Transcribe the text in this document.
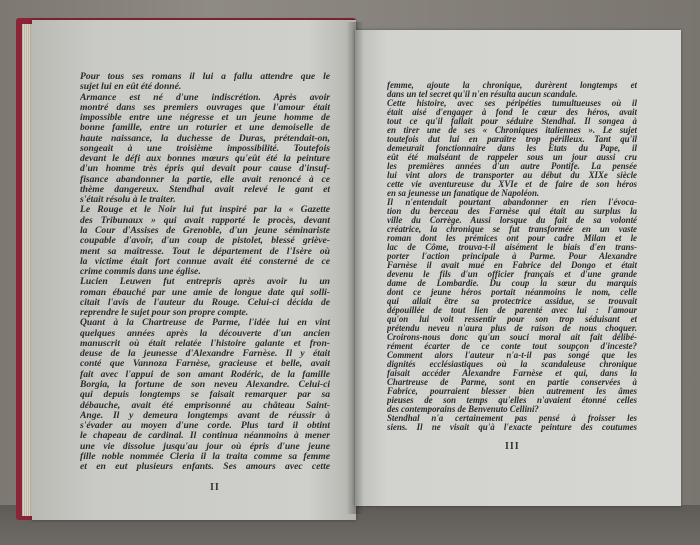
Pour tous ses romans il lui a fallu attendre que le
sujet lui en eût été donné.
Armance est né d'une indiscrétion. Après avoir
montré dans ses premiers ouvrages que l'amour était
impossible entre une négresse et un jeune homme de
bonne famille, entre un roturier et une demoiselle de
haute naissance, la duchesse de Duras, prétendait-on,
songeait à une troisième impossibilité. Toutefois
devant le défi aux bonnes mœurs qu'eût été la peinture
d'un homme très épris qui devait pour cause d'insuf-
fisance abandonner la partie, elle avait renoncé à ce
thème dangereux. Stendhal avait relevé le gant et
s'était résolu à le traiter.
Le Rouge et le Noir lui fut inspiré par la « Gazette
des Tribunaux » qui avait rapporté le procès, devant
la Cour d'Assises de Grenoble, d'un jeune séminariste
coupable d'avoir, d'un coup de pistolet, blessé griève-
ment sa maîtresse. Tout le département de l'Isère où
la victime était fort connue avait été consterné de ce
crime commis dans une église.
Lucien Leuwen fut entrepris après avoir lu un
roman ébauché par une amie de longue date qui solli-
citait l'avis de l'auteur du Rouge. Celui-ci décida de
reprendre le sujet pour son propre compte.
Quant à la Chartreuse de Parme, l'idée lui en vint
quelques années après la découverte d'un ancien
manuscrit où était relatée l'histoire galante et fron-
deuse de la jeunesse d'Alexandre Farnèse. Il y était
conté que Vannoza Farnèse, gracieuse et belle, avait
fait avec l'appui de son amant Rodéric, de la famille
Borgia, la fortune de son neveu Alexandre. Celui-ci
qui depuis longtemps se faisait remarquer par sa
débauche, avait été emprisonné au château Saint-
Ange. Il y demeura longtemps avant de réussir à
s'évader au moyen d'une corde. Plus tard il obtint
le chapeau de cardinal. Il continua néanmoins à mener
une vie dissolue jusqu'au jour où épris d'une jeune
fille noble nommée Cleria il la traita comme sa femme
et en eut plusieurs enfants. Ses amours avec cette
II
femme, ajoute la chronique, durèrent longtemps et
dans un tel secret qu'il n'en résulta aucun scandale.
Cette histoire, avec ses péripéties tumultueuses où il
était aisé d'engager à fond le cœur des héros, avait
tout ce qu'il fallait pour séduire Stendhal. Il songea à
en tirer une de ses « Chroniques italiennes ». Le sujet
toutefois dut lui en paraître trop périlleux. Tant qu'il
demeurait fonctionnaire dans les Etats du Pape, il
eût été malséant de rappeler sous un jour aussi cru
les premières années d'un autre Pontife. La pensée
lui vint alors de transporter au début du XIXe siècle
cette vie aventureuse du XVIe et de faire de son héros
en sa jeunesse un fanatique de Napoléon.
Il n'entendait pourtant abandonner en rien l'évoca-
tion du berceau des Farnèse qui était au surplus la
ville du Corrège. Aussi lorsque du fait de sa volonté
créatrice, la chronique se fut transformée en un vaste
roman dont les prémices ont pour cadre Milan et le
lac de Côme, trouva-t-il aisément le biais d'en trans-
porter l'action principale à Parme. Pour Alexandre
Farnèse il avait mué en Fabrice del Dongo et était
devenu le fils d'un officier français et d'une grande
dame de Lombardie. Du coup la sœur du marquis
dont ce jeune héros portait néanmoins le nom, celle
qui allait être sa protectrice assidue, se trouvait
dépouillée de tout lien de parenté avec lui : l'amour
qu'on lui voit ressentir pour son trop séduisant et
prétendu neveu n'aura plus de raison de nous choquer.
Croirons-nous donc qu'un souci moral ait fait délibé-
rément écarter de ce conte tout soupçon d'inceste?
Comment alors l'auteur n'a-t-il pas songé que les
dignités ecclésiastiques où la scandaleuse chronique
faisait accéder Alexandre Farnèse et qui, dans la
Chartreuse de Parme, sont en partie conservées à
Fabrice, pourraient blesser bien autrement les âmes
pieuses de son temps qu'elles n'avaient étonné celles
des contemporains de Benvenuto Cellini?
Stendhal n'a certainement pas pensé à froisser les
siens. Il ne visait qu'à l'exacte peinture des coutumes
III
